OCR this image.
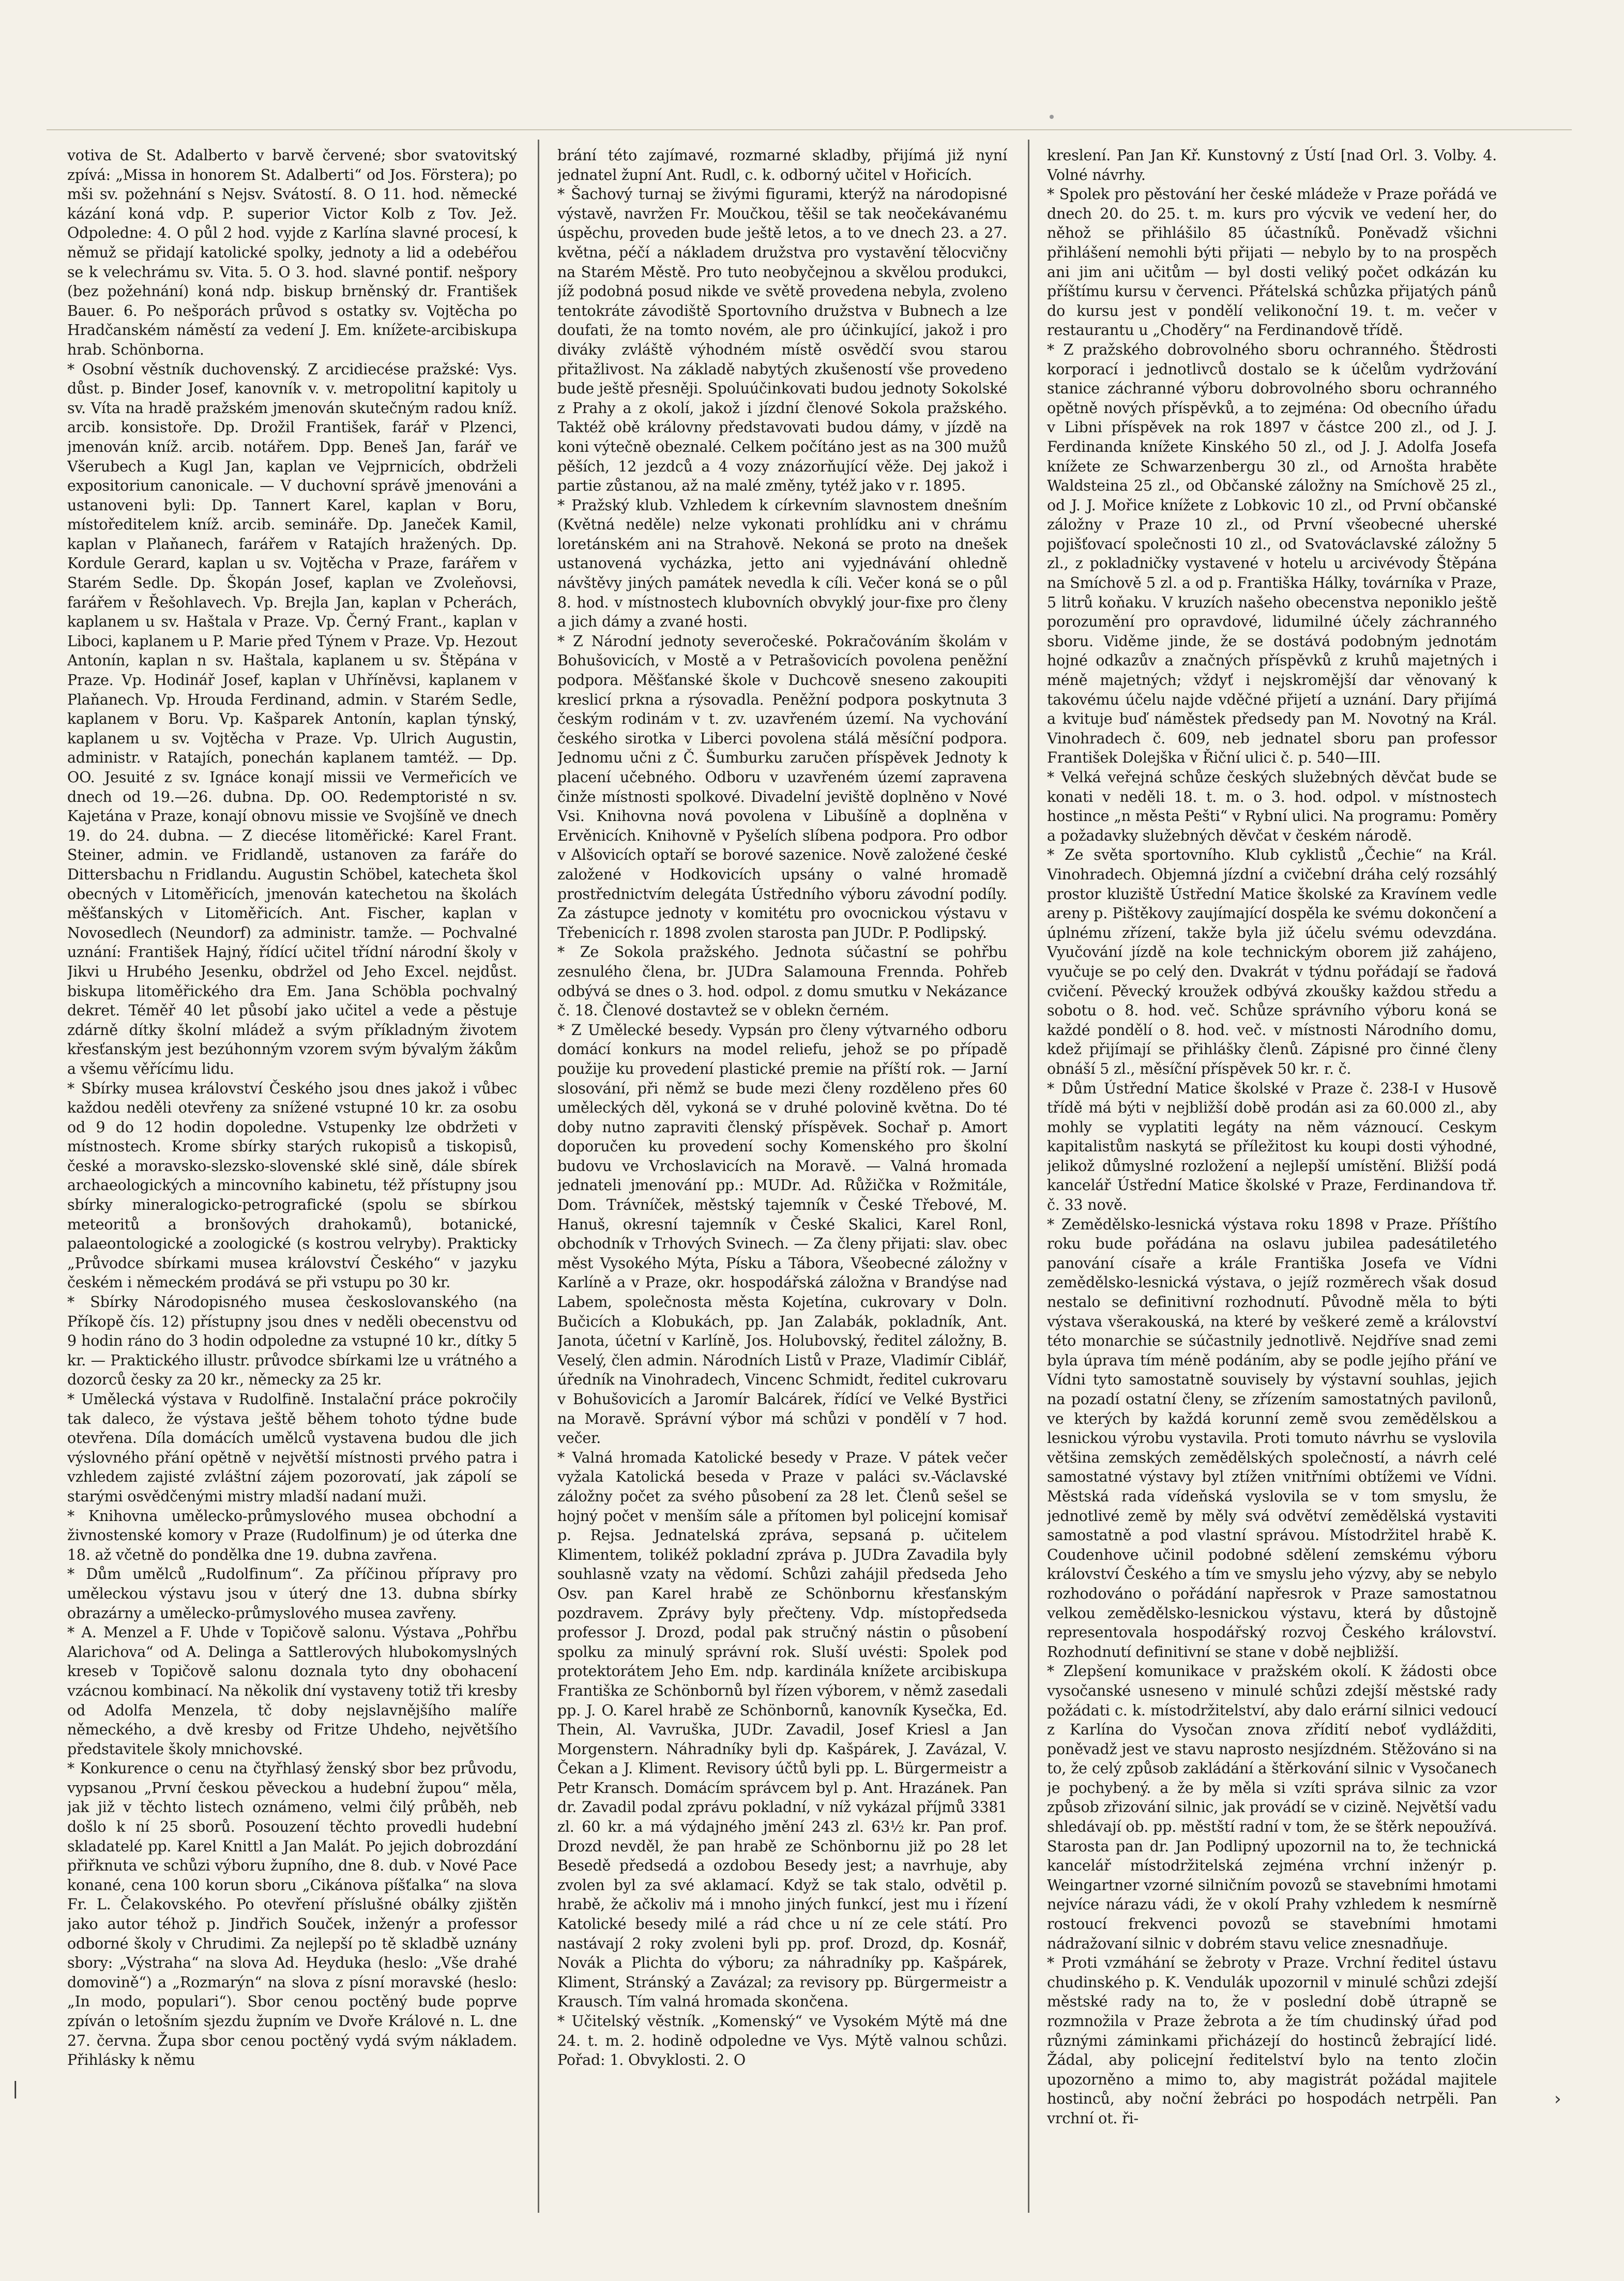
votiva de St. Adalberto v barvě červené; sbor svatovitský zpívá: „Missa in honorem St. Adalberti“ od Jos. Förstera); po mši sv. požehnání s Nejsv. Svátostí. 8. O 11. hod. německé kázání koná vdp. P. superior Victor Kolb z Tov. Jež. Odpoledne: 4. O půl 2 hod. vyjde z Karlína slavné procesí, k němuž se přidají katolické spolky, jednoty a lid a odebéřou se k velechrámu sv. Vita. 5. O 3. hod. slavné pontif. nešpory (bez požehnání) koná ndp. biskup brněnský dr. František Bauer. 6. Po nešporách průvod s ostatky sv. Vojtěcha po Hradčanském náměstí za vedení J. Em. knížete-arcibiskupa hrab. Schönborna.

* Osobní věstník duchovenský. Z arcidiecése pražské: Vys. důst. p. Binder Josef, kanovník v. v. metropolitní kapitoly u sv. Víta na hradě pražském jmenován skutečným radou kníž. arcib. konsistoře. Dp. Drožil František, farář v Plzenci, jmenován kníž. arcib. notářem. Dpp. Beneš Jan, farář ve Všerubech a Kugl Jan, kaplan ve Vejprnicích, obdrželi expositorium canonicale. — V duchovní správě jmenováni a ustanoveni byli: Dp. Tannert Karel, kaplan v Boru, místoředitelem kníž. arcib. semináře. Dp. Janeček Kamil, kaplan v Plaňanech, farářem v Ratajích hražených. Dp. Kordule Gerard, kaplan u sv. Vojtěcha v Praze, farářem v Starém Sedle. Dp. Škopán Josef, kaplan ve Zvoleňovsi, farářem v Řešohlavech. Vp. Brejla Jan, kaplan v Pcherách, kaplanem u sv. Haštala v Praze. Vp. Černý Frant., kaplan v Liboci, kaplanem u P. Marie před Týnem v Praze. Vp. Hezout Antonín, kaplan n sv. Haštala, kaplanem u sv. Štěpána v Praze. Vp. Hodinář Josef, kaplan v Uhříněvsi, kaplanem v Plaňanech. Vp. Hrouda Ferdinand, admin. v Starém Sedle, kaplanem v Boru. Vp. Kašparek Antonín, kaplan týnský, kaplanem u sv. Vojtěcha v Praze. Vp. Ulrich Augustin, administr. v Ratajích, ponechán kaplanem tamtéž. — Dp. OO. Jesuité z sv. Ignáce konají missii ve Vermeřicích ve dnech od 19.—26. dubna. Dp. OO. Redemptoristé n sv. Kajetána v Praze, konají obnovu missie ve Svojšíně ve dnech 19. do 24. dubna. — Z diecése litoměřické: Karel Frant. Steiner, admin. ve Fridlandě, ustanoven za faráře do Dittersbachu n Fridlandu. Augustin Schöbel, katecheta škol obecných v Litoměřicích, jmenován katechetou na školách měšťanských v Litoměřicích. Ant. Fischer, kaplan v Novosedlech (Neundorf) za administr. tamže. — Pochvalné uznání: František Hajný, řídící učitel třídní národní školy v Jikvi u Hrubého Jesenku, obdržel od Jeho Excel. nejdůst. biskupa litoměřického dra Em. Jana Schöbla pochvalný dekret. Téměř 40 let působí jako učitel a vede a pěstuje zdárně dítky školní mládež a svým příkladným životem křesťanským jest bezúhonným vzorem svým bývalým žákům a všemu věřícímu lidu.

* Sbírky musea království Českého jsou dnes jakož i vůbec každou neděli otevřeny za snížené vstupné 10 kr. za osobu od 9 do 12 hodin dopoledne. Vstupenky lze obdržeti v místnostech. Krome sbírky starých rukopisů a tiskopisů, české a moravsko-slezsko-slovenské sklé sině, dále sbírek archaeologických a mincovního kabinetu, též přístupny jsou sbírky mineralogicko-petrografické (spolu se sbírkou meteoritů a bronšových drahokamů), botanické, palaeontologické a zoologické (s kostrou velryby). Prakticky „Průvodce sbírkami musea království Českého“ v jazyku českém i německém prodává se při vstupu po 30 kr.

* Sbírky Národopisného musea českoslovanského (na Příkopě čís. 12) přístupny jsou dnes v neděli obecenstvu od 9 hodin ráno do 3 hodin odpoledne za vstupné 10 kr., dítky 5 kr. — Praktického illustr. průvodce sbírkami lze u vrátného a dozorců česky za 20 kr., německy za 25 kr.

* Umělecká výstava v Rudolfině. Instalační práce pokročily tak daleco, že výstava ještě během tohoto týdne bude otevřena. Díla domácích umělců vystavena budou dle jich výslovného přání opětně v největší místnosti prvého patra i vzhledem zajisté zvláštní zájem pozorovatí, jak zápolí se starými osvědčenými mistry mladší nadaní muži.

* Knihovna umělecko-průmyslového musea obchodní a živnostenské komory v Praze (Rudolfinum) je od úterka dne 18. až včetně do pondělka dne 19. dubna zavřena.

* Dům umělců „Rudolfinum“. Za příčinou přípravy pro uměleckou výstavu jsou v úterý dne 13. dubna sbírky obrazárny a umělecko-průmyslového musea zavřeny.

* A. Menzel a F. Uhde v Topičově salonu. Výstava „Pohřbu Alarichova“ od A. Delinga a Sattlerových hlubokomyslných kreseb v Topičově salonu doznala tyto dny obohacení vzácnou kombinací. Na několik dní vystaveny totiž tři kresby od Adolfa Menzela, tč doby nejslavnějšího malíře německého, a dvě kresby od Fritze Uhdeho, největšího představitele školy mnichovské.

* Konkurence o cenu na čtyřhlasý ženský sbor bez průvodu, vypsanou „První českou pěveckou a hudební župou“ měla, jak již v těchto listech oznámeno, velmi čilý průběh, neb došlo k ní 25 sborů. Posouzení těchto provedli hudební skladatelé pp. Karel Knittl a Jan Malát. Po jejich dobrozdání přiřknuta ve schůzi výboru župního, dne 8. dub. v Nové Pace konané, cena 100 korun sboru „Cikánova píšťalka“ na slova Fr. L. Čelakovského. Po otevření příslušné obálky zjištěn jako autor téhož p. Jindřich Souček, inženýr a professor odborné školy v Chrudimi. Za nejlepší po tě skladbě uznány sbory: „Výstraha“ na slova Ad. Heyduka (heslo: „Vše drahé domovině“) a „Rozmarýn“ na slova z písní moravské (heslo: „In modo, populari“). Sbor cenou poctěný bude poprve zpíván o letošním sjezdu župním ve Dvoře Králové n. L. dne 27. června. Župa sbor cenou poctěný vydá svým nákladem. Přihlásky k němu

brání této zajímavé, rozmarné skladby, přijímá již nyní jednatel župní Ant. Rudl, c. k. odborný učitel v Hořicích.

* Šachový turnaj se živými figurami, kterýž na národopisné výstavě, navržen Fr. Moučkou, těšil se tak neočekávanému úspěchu, proveden bude ještě letos, a to ve dnech 23. a 27. května, péčí a nákladem družstva pro vystavění tělocvičny na Starém Městě. Pro tuto neobyčejnou a skvělou produkci, jíž podobná posud nikde ve světě provedena nebyla, zvoleno tentokráte závodiště Sportovního družstva v Bubnech a lze doufati, že na tomto novém, ale pro účinkující, jakož i pro diváky zvláště výhodném místě osvědčí svou starou přitažlivost. Na základě nabytých zkušeností vše provedeno bude ještě přesněji. Spoluúčinkovati budou jednoty Sokolské z Prahy a z okolí, jakož i jízdní členové Sokola pražského. Taktéž obě královny představovati budou dámy, v jízdě na koni výtečně obeznalé. Celkem počítáno jest as na 300 mužů pěších, 12 jezdců a 4 vozy znázorňující věže. Dej jakož i partie zůstanou, až na malé změny, tytéž jako v r. 1895.

* Pražský klub. Vzhledem k církevním slavnostem dnešním (Květná neděle) nelze vykonati prohlídku ani v chrámu loretánském ani na Strahově. Nekoná se proto na dnešek ustanovená vycházka, jetto ani vyjednávání ohledně návštěvy jiných památek nevedla k cíli. Večer koná se o půl 8. hod. v místnostech klubovních obvyklý jour-fixe pro členy a jich dámy a zvané hosti.

* Z Národní jednoty severočeské. Pokračováním školám v Bohušovicích, v Mostě a v Petrašovicích povolena peněžní podpora. Měšťanské škole v Duchcově sneseno zakoupiti kreslicí prkna a rýsovadla. Peněžní podpora poskytnuta 3 českým rodinám v t. zv. uzavřeném území. Na vychování českého sirotka v Liberci povolena stálá měsíční podpora. Jednomu učni z Č. Šumburku zaručen příspěvek Jednoty k placení učebného. Odboru v uzavřeném území zapravena činže místnosti spolkové. Divadelní jeviště doplněno v Nové Vsi. Knihovna nová povolena v Libušíně a doplněna v Ervěnicích. Knihovně v Pyšelích slíbena podpora. Pro odbor v Alšovicích optaří se borové sazenice. Nově založené české založené v Hodkovicích upsány o valné hromadě prostřednictvím delegáta Ústředního výboru závodní podíly. Za zástupce jednoty v komitétu pro ovocnickou výstavu v Třebenicích r. 1898 zvolen starosta pan JUDr. P. Podlipský.

* Ze Sokola pražského. Jednota súčastní se pohřbu zesnulého člena, br. JUDra Salamouna Frennda. Pohřeb odbývá se dnes o 3. hod. odpol. z domu smutku v Nekázance č. 18. Členové dostavtež se v oblekn černém.

* Z Umělecké besedy. Vypsán pro členy výtvarného odboru domácí konkurs na model reliefu, jehož se po případě použije ku provedení plastické premie na příští rok. — Jarní slosování, při němž se bude mezi členy rozděleno přes 60 uměleckých děl, vykoná se v druhé polovině května. Do té doby nutno zapraviti členský příspěvek. Sochař p. Amort doporučen ku provedení sochy Komenského pro školní budovu ve Vrchoslavicích na Moravě. — Valná hromada jednateli jmenování pp.: MUDr. Ad. Růžička v Rožmitále, Dom. Trávníček, městský tajemník v České Třebové, M. Hanuš, okresní tajemník v České Skalici, Karel Ronl, obchodník v Trhových Svinech. — Za členy přijati: slav. obec měst Vysokého Mýta, Písku a Tábora, Všeobecné záložny v Karlíně a v Praze, okr. hospodářská záložna v Brandýse nad Labem, společnosta města Kojetína, cukrovary v Doln. Bučicích a Klobukách, pp. Jan Zalabák, pokladník, Ant. Janota, účetní v Karlíně, Jos. Holubovský, ředitel záložny, B. Veselý, člen admin. Národních Listů v Praze, Vladimír Ciblář, úředník na Vinohradech, Vincenc Schmidt, ředitel cukrovaru v Bohušovicích a Jaromír Balcárek, řídící ve Velké Bystřici na Moravě. Správní výbor má schůzi v pondělí v 7 hod. večer.

* Valná hromada Katolické besedy v Praze. V pátek večer vyžala Katolická beseda v Praze v paláci sv.-Václavské záložny počet za svého působení za 28 let. Členů sešel se hojný počet v menším sále a přítomen byl policejní komisař p. Rejsa. Jednatelská zpráva, sepsaná p. učitelem Klimentem, tolikéž pokladní zpráva p. JUDra Zavadila byly souhlasně vzaty na vědomí. Schůzi zahájil předseda Jeho Osv. pan Karel hrabě ze Schönbornu křesťanským pozdravem. Zprávy byly přečteny. Vdp. místopředseda professor J. Drozd, podal pak stručný nástin o působení spolku za minulý správní rok. Sluší uvésti: Spolek pod protektorátem Jeho Em. ndp. kardinála knížete arcibiskupa Františka ze Schönbornů byl řízen výborem, v němž zasedali pp. J. O. Karel hrabě ze Schönbornů, kanovník Kysečka, Ed. Thein, Al. Vavruška, JUDr. Zavadil, Josef Kriesl a Jan Morgenstern. Náhradníky byli dp. Kašpárek, J. Zavázal, V. Čekan a J. Kliment. Revisory účtů byli pp. L. Bürgermeistr a Petr Kransch. Domácím správcem byl p. Ant. Hrazánek. Pan dr. Zavadil podal zprávu pokladní, v níž vykázal příjmů 3381 zl. 60 kr. a má výdajného jmění 243 zl. 63½ kr. Pan prof. Drozd nevděl, že pan hrabě ze Schönbornu již po 28 let Besedě předsedá a ozdobou Besedy jest; a navrhuje, aby zvolen byl za své aklamací. Když se tak stalo, odvětil p. hrabě, že ačkoliv má i mnoho jiných funkcí, jest mu i řízení Katolické besedy milé a rád chce u ní ze cele státí. Pro nastávají 2 roky zvoleni byli pp. prof. Drozd, dp. Kosnář, Novák a Plichta do výboru; za náhradníky pp. Kašpárek, Kliment, Stránský a Zavázal; za revisory pp. Bürgermeistr a Krausch. Tím valná hromada skončena.

* Učitelský věstník. „Komenský“ ve Vysokém Mýtě má dne 24. t. m. 2. hodině odpoledne ve Vys. Mýtě valnou schůzi. Pořad: 1. Obvyklosti. 2. O

kreslení. Pan Jan Kř. Kunstovný z Ústí [nad Orl. 3. Volby. 4. Volné návrhy.

* Spolek pro pěstování her české mládeže v Praze pořádá ve dnech 20. do 25. t. m. kurs pro výcvik ve vedení her, do něhož se přihlášilo 85 účastníků. Poněvadž všichni přihlášení nemohli býti přijati — nebylo by to na prospěch ani jim ani učitům — byl dosti veliký počet odkázán ku příštímu kursu v červenci. Přátelská schůzka přijatých pánů do kursu jest v pondělí velikonoční 19. t. m. večer v restaurantu u „Choděry“ na Ferdinandově třídě.

* Z pražského dobrovolného sboru ochranného. Štědrosti korporací i jednotlivců dostalo se k účelům vydržování stanice záchranné výboru dobrovolného sboru ochranného opětně nových příspěvků, a to zejména: Od obecního úřadu v Libni příspěvek na rok 1897 v částce 200 zl., od J. J. Ferdinanda knížete Kinského 50 zl., od J. J. Adolfa Josefa knížete ze Schwarzenbergu 30 zl., od Arnošta hraběte Waldsteina 25 zl., od Občanské záložny na Smíchově 25 zl., od J. J. Mořice knížete z Lobkovic 10 zl., od První občanské záložny v Praze 10 zl., od První všeobecné uherské pojišťovací společnosti 10 zl., od Svatováclavské záložny 5 zl., z pokladničky vystavené v hotelu u arcivévody Štěpána na Smíchově 5 zl. a od p. Františka Hálky, továrníka v Praze, 5 litrů koňaku. V kruzích našeho obecenstva neponiklo ještě porozumění pro opravdové, lidumilné účely záchranného sboru. Viděme jinde, že se dostává podobným jednotám hojné odkazův a značných příspěvků z kruhů majetných i méně majetných; vždyť i nejskromější dar věnovaný k takovému účelu najde vděčné přijetí a uznání. Dary přijímá a kvituje buď náměstek předsedy pan M. Novotný na Král. Vinohradech č. 609, neb jednatel sboru pan professor František Dolejška v Řiční ulici č. p. 540—III.

* Velká veřejná schůze českých služebných děvčat bude se konati v neděli 18. t. m. o 3. hod. odpol. v místnostech hostince „n města Pešti“ v Rybní ulici. Na programu: Poměry a požadavky služebných děvčat v českém národě.

* Ze světa sportovního. Klub cyklistů „Čechie“ na Král. Vinohradech. Objemná jízdní a cvičební dráha celý rozsáhlý prostor kluziště Ústřední Matice školské za Kravínem vedle areny p. Pištěkovy zaujímající dospěla ke svému dokončení a úplnému zřízení, takže byla již účelu svému odevzdána. Vyučování jízdě na kole technickým oborem již zahájeno, vyučuje se po celý den. Dvakrát v týdnu pořádají se řadová cvičení. Pěvecký kroužek odbývá zkoušky každou středu a sobotu o 8. hod. več. Schůze správního výboru koná se každé pondělí o 8. hod. več. v místnosti Národního domu, kdež přijímají se přihlášky členů. Zápisné pro činné členy obnáší 5 zl., měsíční příspěvek 50 kr. r. č.

* Dům Ústřední Matice školské v Praze č. 238-I v Husově třídě má býti v nejbližší době prodán asi za 60.000 zl., aby mohly se vyplatiti legáty na něm váznoucí. Ceskym kapitalistům naskytá se příležitost ku koupi dosti výhodné, jelikož důmyslné rozložení a nejlepší umístění. Bližší podá kancelář Ústřední Matice školské v Praze, Ferdinandova tř. č. 33 nově.

* Zemědělsko-lesnická výstava roku 1898 v Praze. Příštího roku bude pořádána na oslavu jubilea padesátiletého panování císaře a krále Františka Josefa ve Vídni zemědělsko-lesnická výstava, o jejíž rozměrech však dosud nestalo se definitivní rozhodnutí. Původně měla to býti výstava všerakouská, na které by veškeré země a království této monarchie se súčastnily jednotlivě. Nejdříve snad zemi byla úprava tím méně podáním, aby se podle jejího přání ve Vídni tyto samostatně souvisely by výstavní souhlas, jejich na pozadí ostatní členy, se zřízením samostatných pavilonů, ve kterých by každá korunní země svou zemědělskou a lesnickou výrobu vystavila. Proti tomuto návrhu se vyslovila většina zemských zemědělských společností, a návrh celé samostatné výstavy byl ztížen vnitřními obtížemi ve Vídni. Městská rada vídeňská vyslovila se v tom smyslu, že jednotlivé země by měly svá odvětví zemědělská vystaviti samostatně a pod vlastní správou. Místodržitel hrabě K. Coudenhove učinil podobné sdělení zemskému výboru království Českého a tím ve smyslu jeho výzvy, aby se nebylo rozhodováno o pořádání napřesrok v Praze samostatnou velkou zemědělsko-lesnickou výstavu, která by důstojně representovala hospodářský rozvoj Českého království. Rozhodnutí definitivní se stane v době nejbližší.

* Zlepšení komunikace v pražském okolí. K žádosti obce vysočanské usneseno v minulé schůzi zdejší městské rady požádati c. k. místodržitelství, aby dalo erární silnici vedoucí z Karlína do Vysočan znova zřídití neboť vydlážditi, poněvadž jest ve stavu naprosto nesjízdném. Stěžováno si na to, že celý způsob zakládání a štěrkování silnic v Vysočanech je pochybený. a že by měla si vzíti správa silnic za vzor způsob zřizování silnic, jak provádí se v cizině. Největší vadu shledávají ob. pp. městští radní v tom, že se štěrk nepoužívá. Starosta pan dr. Jan Podlipný upozornil na to, že technická kancelář místodržitelská zejména vrchní inženýr p. Weingartner vzorné silničním povozů se stavebními hmotami nejvíce nárazu vádi, že v okolí Prahy vzhledem k nesmírně rostoucí frekvenci povozů se stavebními hmotami nádražovaní silnic v dobrém stavu velice znesnadňuje.

* Proti vzmáhání se žebroty v Praze. Vrchní ředitel ústavu chudinského p. K. Vendulák upozornil v minulé schůzi zdejší městské rady na to, že v poslední době útrapně se rozmnožila v Praze žebrota a že tím chudinský úřad pod různými záminkami přicházejí do hostinců žebrající lidé. Žádal, aby policejní ředitelství bylo na tento zločin upozorněno a mimo to, aby magistrát požádal majitele hostinců, aby noční žebráci po hospodách netrpěli. Pan vrchní ot. ři-

|	›
